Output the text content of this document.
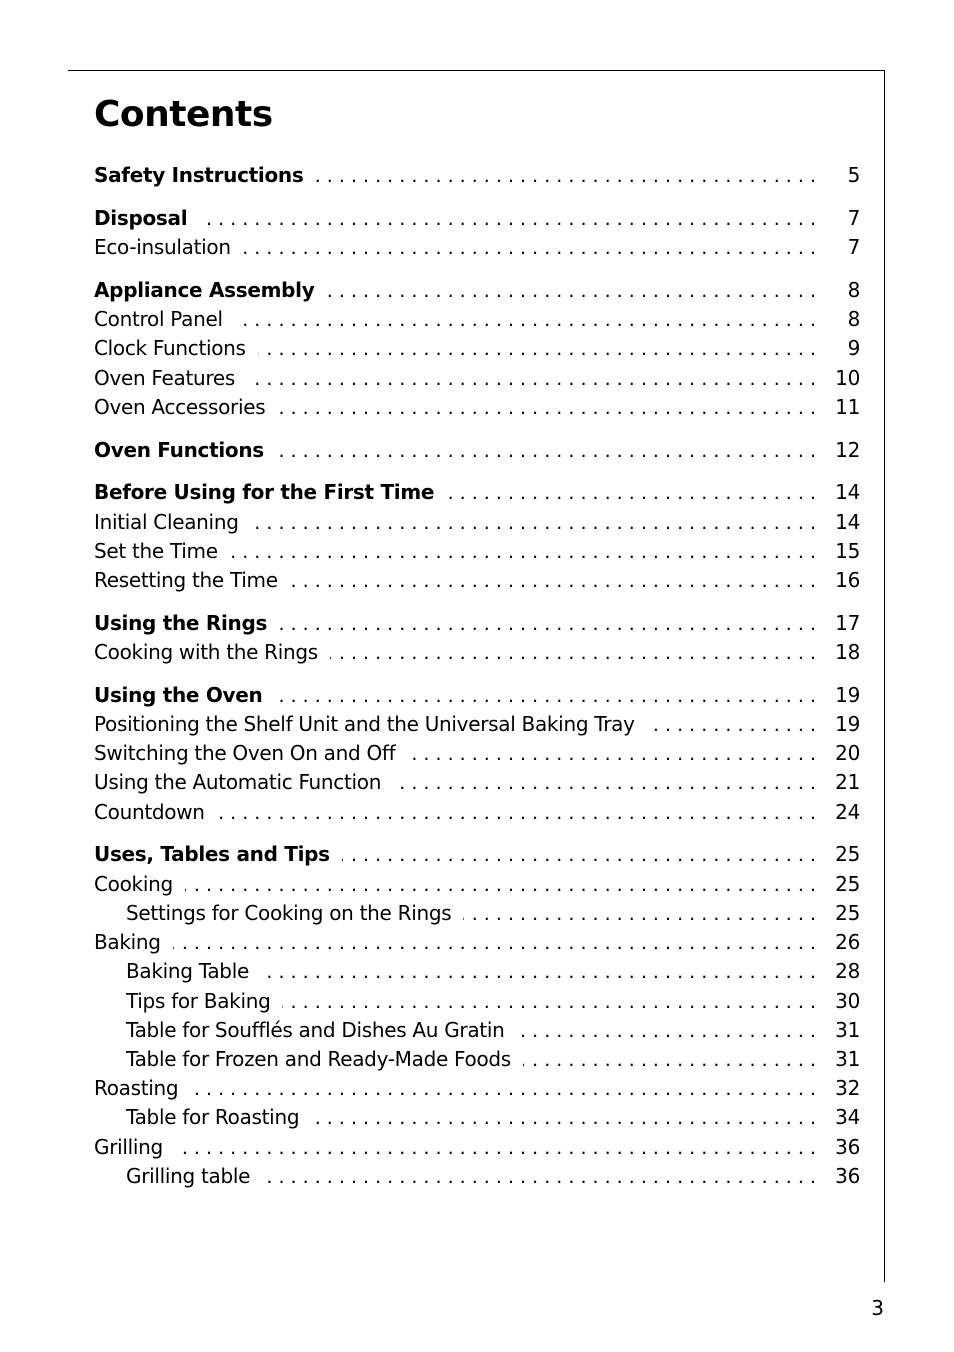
Contents
Safety Instructions . . .	5
Disposal . . .	7
Eco-insulation . . .	7
Appliance Assembly . . .	8
Control Panel . . .	8
Clock Functions . . .	9
Oven Features . . .	10
Oven Accessories . . .	11
Oven Functions . . .	12
Before Using for the First Time . . .	14
Initial Cleaning . . .	14
Set the Time . . .	15
Resetting the Time . . .	16
Using the Rings . . .	17
Cooking with the Rings . . .	18
Using the Oven . . .	19
Positioning the Shelf Unit and the Universal Baking Tray . . .	19
Switching the Oven On and Off . . .	20
Using the Automatic Function . . .	21
Countdown . . .	24
Uses, Tables and Tips . . .	25
Cooking . . .	25
Settings for Cooking on the Rings . . .	25
Baking . . .	26
Baking Table . . .	28
Tips for Baking . . .	30
Table for Soufflés and Dishes Au Gratin . . .	31
Table for Frozen and Ready-Made Foods . . .	31
Roasting . . .	32
Table for Roasting . . .	34
Grilling . . .	36
Grilling table . . .	36
3
